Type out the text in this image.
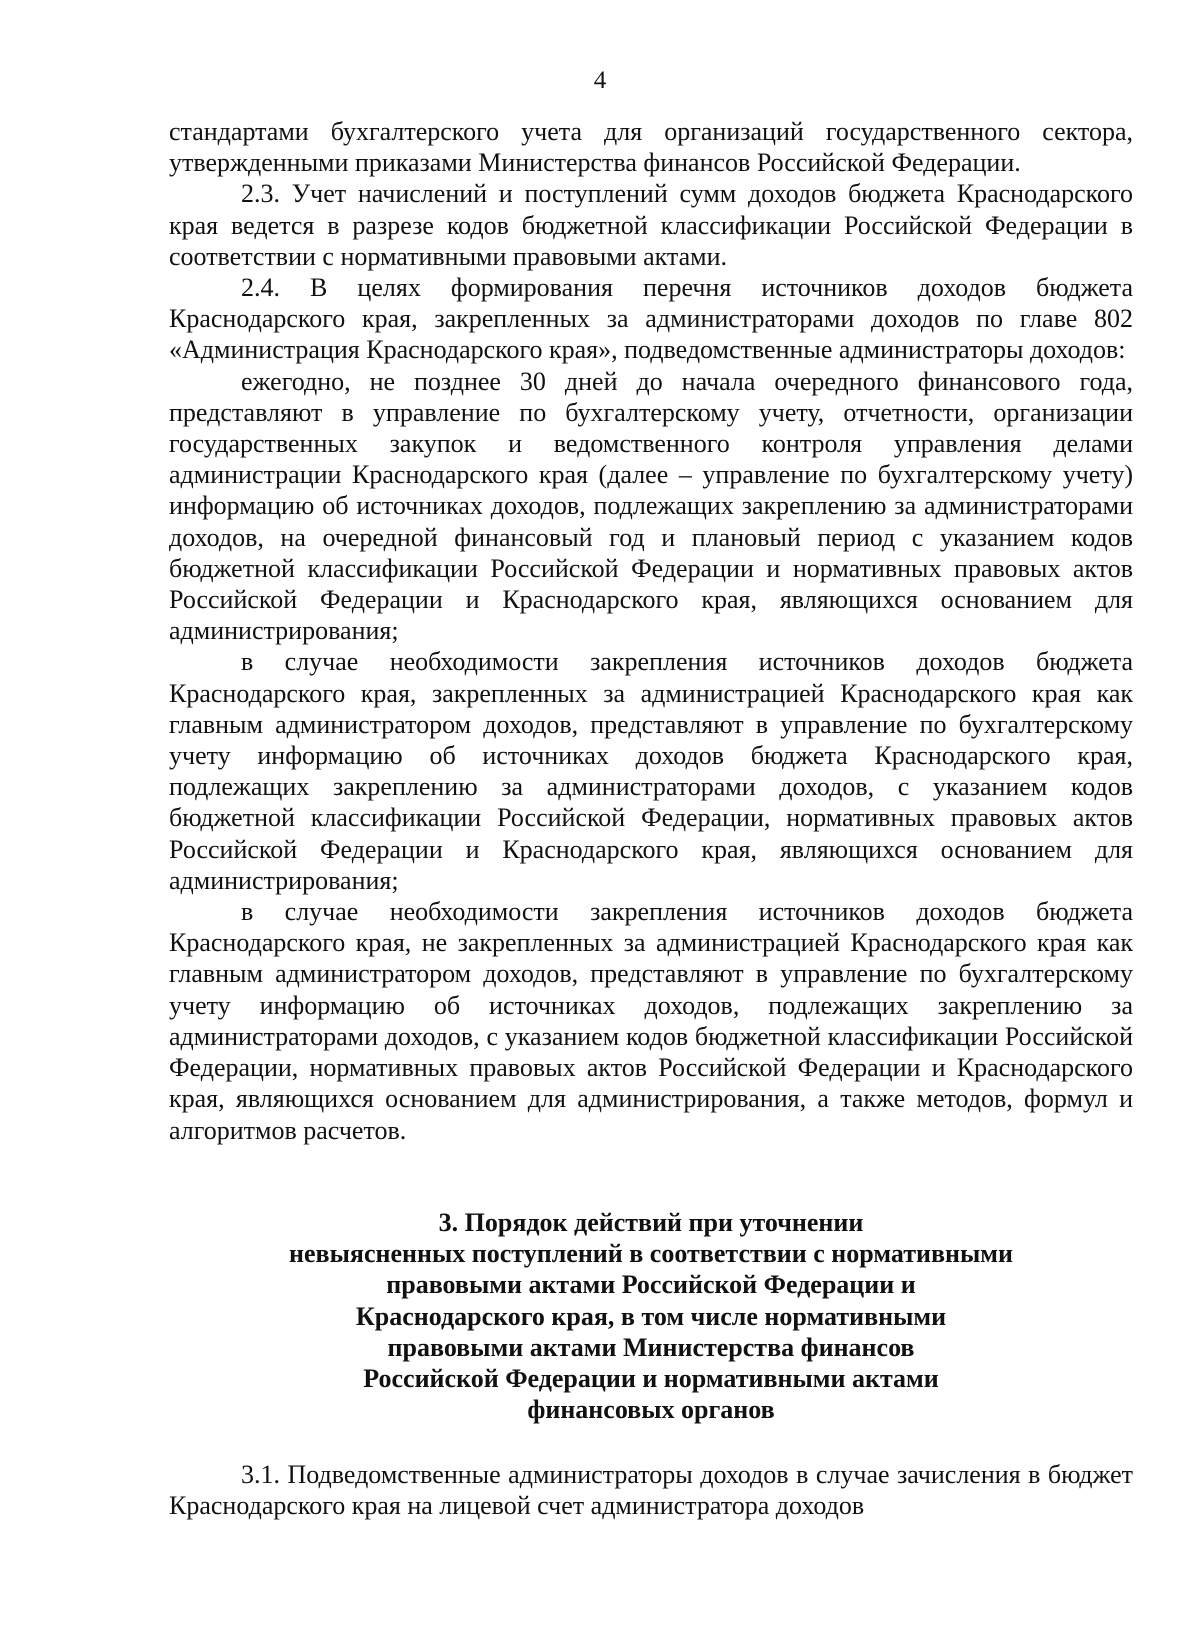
4

стандартами бухгалтерского учета для организаций государственного сектора, утвержденными приказами Министерства финансов Российской Федерации.

2.3. Учет начислений и поступлений сумм доходов бюджета Краснодарского края ведется в разрезе кодов бюджетной классификации Российской Федерации в соответствии с нормативными правовыми актами.

2.4. В целях формирования перечня источников доходов бюджета Краснодарского края, закрепленных за администраторами доходов по главе 802 «Администрация Краснодарского края», подведомственные администраторы доходов:

ежегодно, не позднее 30 дней до начала очередного финансового года, представляют в управление по бухгалтерскому учету, отчетности, организации государственных закупок и ведомственного контроля управления делами администрации Краснодарского края (далее – управление по бухгалтерскому учету) информацию об источниках доходов, подлежащих закреплению за администраторами доходов, на очередной финансовый год и плановый период с указанием кодов бюджетной классификации Российской Федерации и нормативных правовых актов Российской Федерации и Краснодарского края, являющихся основанием для администрирования;

в случае необходимости закрепления источников доходов бюджета Краснодарского края, закрепленных за администрацией Краснодарского края как главным администратором доходов, представляют в управление по бухгалтерскому учету информацию об источниках доходов бюджета Краснодарского края, подлежащих закреплению за администраторами доходов, с указанием кодов бюджетной классификации Российской Федерации, нормативных правовых актов Российской Федерации и Краснодарского края, являющихся основанием для администрирования;

в случае необходимости закрепления источников доходов бюджета Краснодарского края, не закрепленных за администрацией Краснодарского края как главным администратором доходов, представляют в управление по бухгалтерскому учету информацию об источниках доходов, подлежащих закреплению за администраторами доходов, с указанием кодов бюджетной классификации Российской Федерации, нормативных правовых актов Российской Федерации и Краснодарского края, являющихся основанием для администрирования, а также методов, формул и алгоритмов расчетов.

3. Порядок действий при уточнении
невыясненных поступлений в соответствии с нормативными
правовыми актами Российской Федерации и
Краснодарского края, в том числе нормативными
правовыми актами Министерства финансов
Российской Федерации и нормативными актами
финансовых органов

3.1. Подведомственные администраторы доходов в случае зачисления в бюджет Краснодарского края на лицевой счет администратора доходов
